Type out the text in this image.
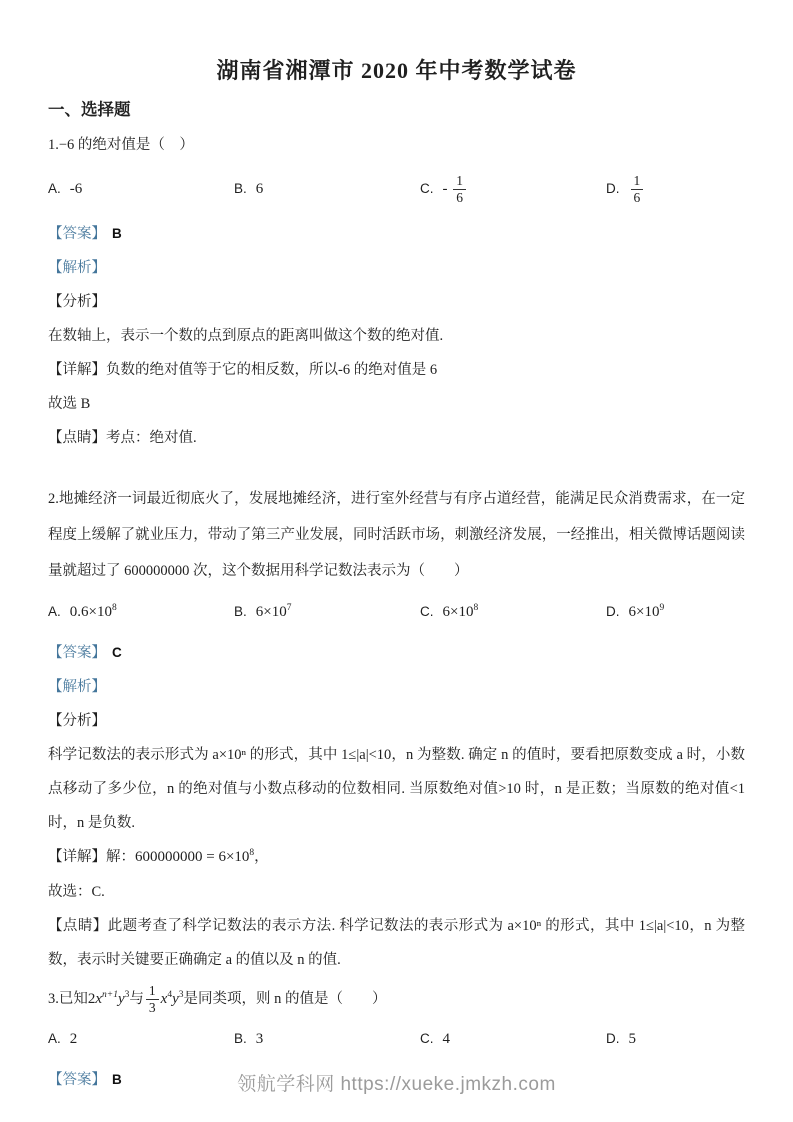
湖南省湘潭市 2020 年中考数学试卷
一、选择题

1.−6 的绝对值是（　）

A. -6	B. 6	C. - $\frac{1}{6}$	D. $\frac{1}{6}$

【答案】 B

【解析】

【分析】

在数轴上，表示一个数的点到原点的距离叫做这个数的绝对值.

【详解】负数的绝对值等于它的相反数，所以-6 的绝对值是 6

故选 B

【点睛】考点：绝对值.

2.地摊经济一词最近彻底火了，发展地摊经济，进行室外经营与有序占道经营，能满足民众消费需求，在一定程度上缓解了就业压力，带动了第三产业发展，同时活跃市场，刺激经济发展，一经推出，相关微博话题阅读量就超过了 600000000 次，这个数据用科学记数法表示为（　　）

A. $0.6\times 10^8$	B. $6\times 10^7$	C. $6\times 10^8$	D. $6\times 10^9$

【答案】 C

【解析】

【分析】

科学记数法的表示形式为 a×10ⁿ 的形式，其中 1≤|a|<10，n 为整数. 确定 n 的值时，要看把原数变成 a 时，小数点移动了多少位，n 的绝对值与小数点移动的位数相同. 当原数绝对值>10 时，n 是正数；当原数的绝对值<1 时，n 是负数.

【详解】解：$600000000 = 6\times 10^8$，

故选：C.

【点睛】此题考查了科学记数法的表示方法. 科学记数法的表示形式为 a×10ⁿ 的形式，其中 1≤|a|<10，n 为整数，表示时关键要正确确定 a 的值以及 n 的值.

3.已知$2x^{n+1}y^3$与 $\frac{1}{3} x^4y^3$是同类项，则 n 的值是（　　）

A. 2	B. 3	C. 4	D. 5

【答案】 B	领航学科网 https://xueke.jmkzh.com
